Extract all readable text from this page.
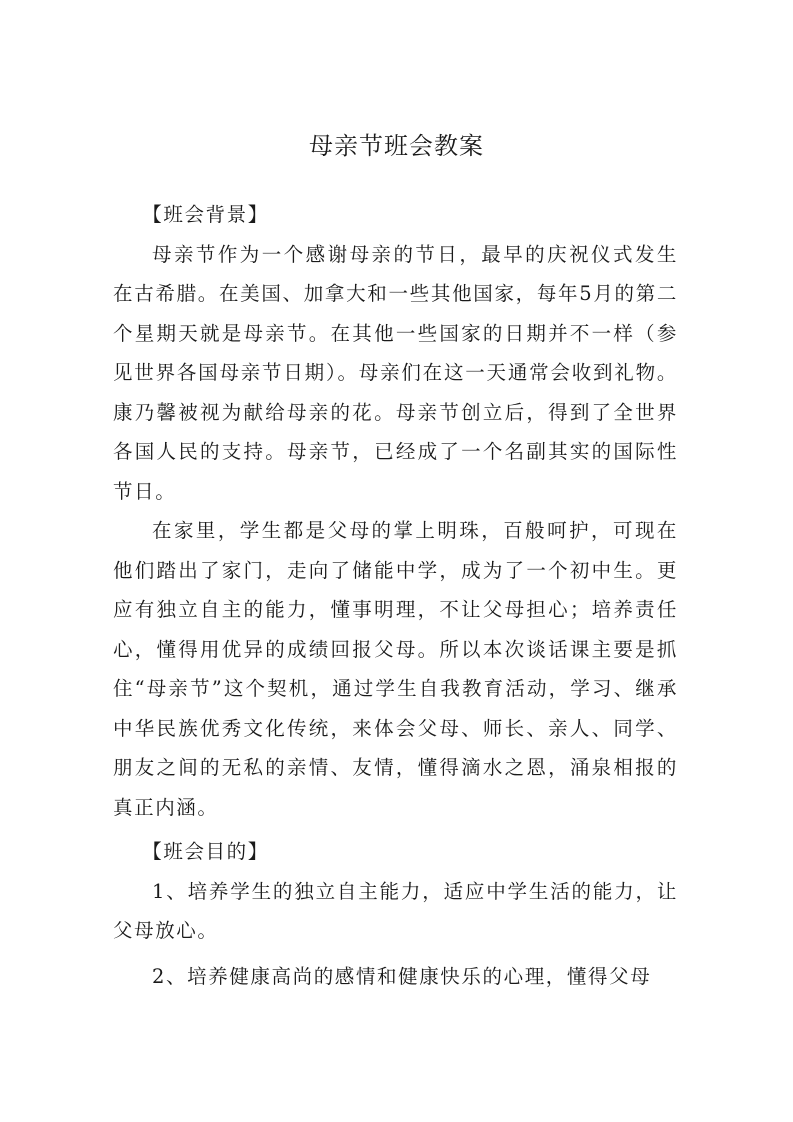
母亲节班会教案

【班会背景】

母亲节作为一个感谢母亲的节日，最早的庆祝仪式发生在古希腊。在美国、加拿大和一些其他国家，每年5月的第二个星期天就是母亲节。在其他一些国家的日期并不一样（参见世界各国母亲节日期）。母亲们在这一天通常会收到礼物。康乃馨被视为献给母亲的花。母亲节创立后，得到了全世界各国人民的支持。母亲节，已经成了一个名副其实的国际性节日。

在家里，学生都是父母的掌上明珠，百般呵护，可现在他们踏出了家门，走向了储能中学，成为了一个初中生。更应有独立自主的能力，懂事明理，不让父母担心；培养责任心，懂得用优异的成绩回报父母。所以本次谈话课主要是抓住“母亲节”这个契机，通过学生自我教育活动，学习、继承中华民族优秀文化传统，来体会父母、师长、亲人、同学、朋友之间的无私的亲情、友情，懂得滴水之恩，涌泉相报的真正内涵。

【班会目的】

1、培养学生的独立自主能力，适应中学生活的能力，让父母放心。

2、培养健康高尚的感情和健康快乐的心理，懂得父母
